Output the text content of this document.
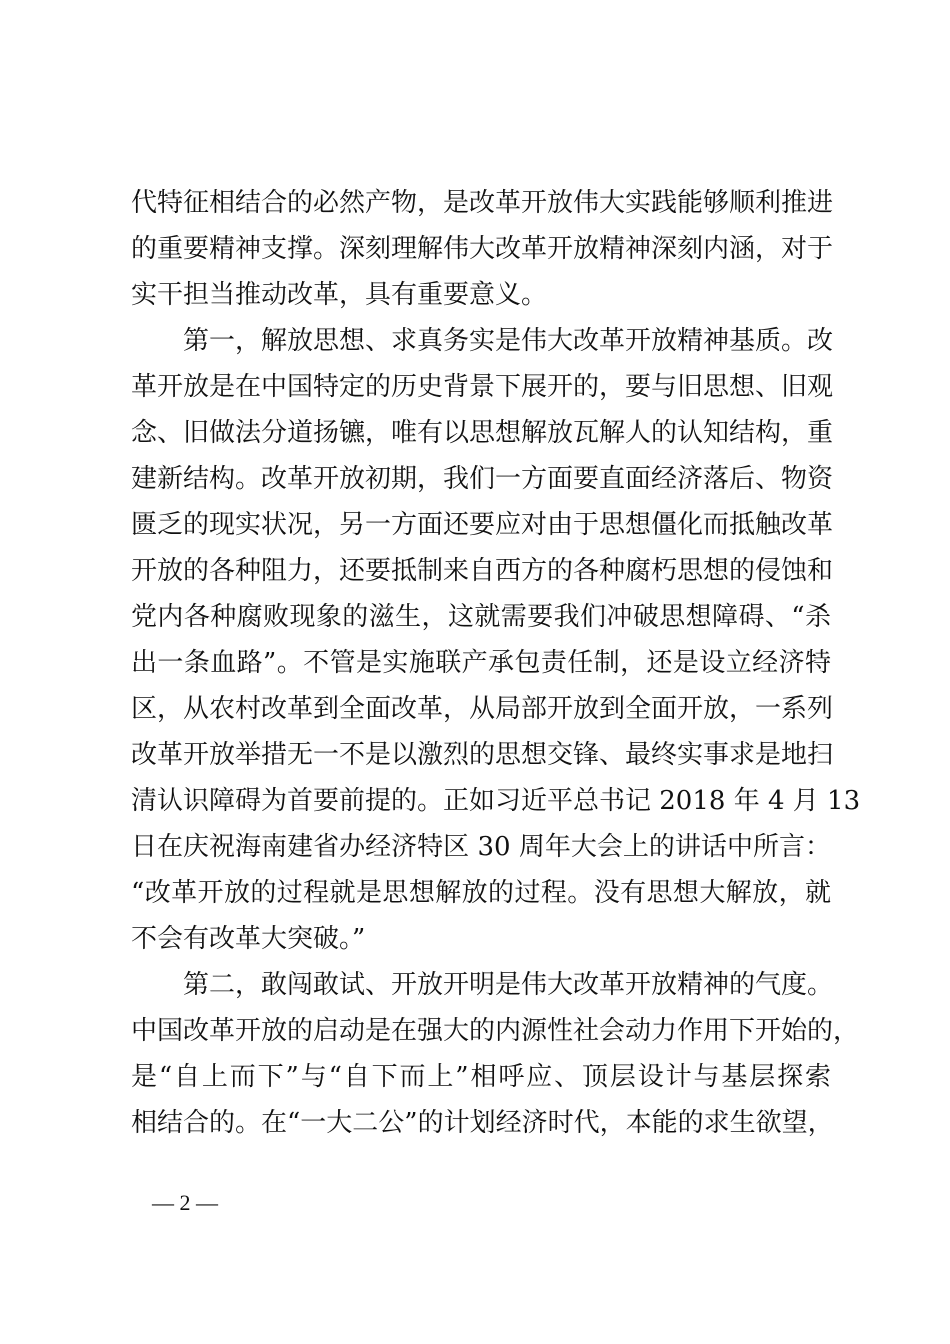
代特征相结合的必然产物，是改革开放伟大实践能够顺利推进
的重要精神支撑。深刻理解伟大改革开放精神深刻内涵，对于
实干担当推动改革，具有重要意义。
第一，解放思想、求真务实是伟大改革开放精神基质。改
革开放是在中国特定的历史背景下展开的，要与旧思想、旧观
念、旧做法分道扬镳，唯有以思想解放瓦解人的认知结构，重
建新结构。改革开放初期，我们一方面要直面经济落后、物资
匮乏的现实状况，另一方面还要应对由于思想僵化而抵触改革
开放的各种阻力，还要抵制来自西方的各种腐朽思想的侵蚀和
党内各种腐败现象的滋生，这就需要我们冲破思想障碍、“杀
出一条血路”。不管是实施联产承包责任制，还是设立经济特
区，从农村改革到全面改革，从局部开放到全面开放，一系列
改革开放举措无一不是以激烈的思想交锋、最终实事求是地扫
清认识障碍为首要前提的。正如习近平总书记 2018 年 4 月 13
日在庆祝海南建省办经济特区 30 周年大会上的讲话中所言：
“改革开放的过程就是思想解放的过程。没有思想大解放，就
不会有改革大突破。”
第二，敢闯敢试、开放开明是伟大改革开放精神的气度。
中国改革开放的启动是在强大的内源性社会动力作用下开始的，
是“自上而下”与“自下而上”相呼应、顶层设计与基层探索
相结合的。在“一大二公”的计划经济时代，本能的求生欲望，
— 2 —
